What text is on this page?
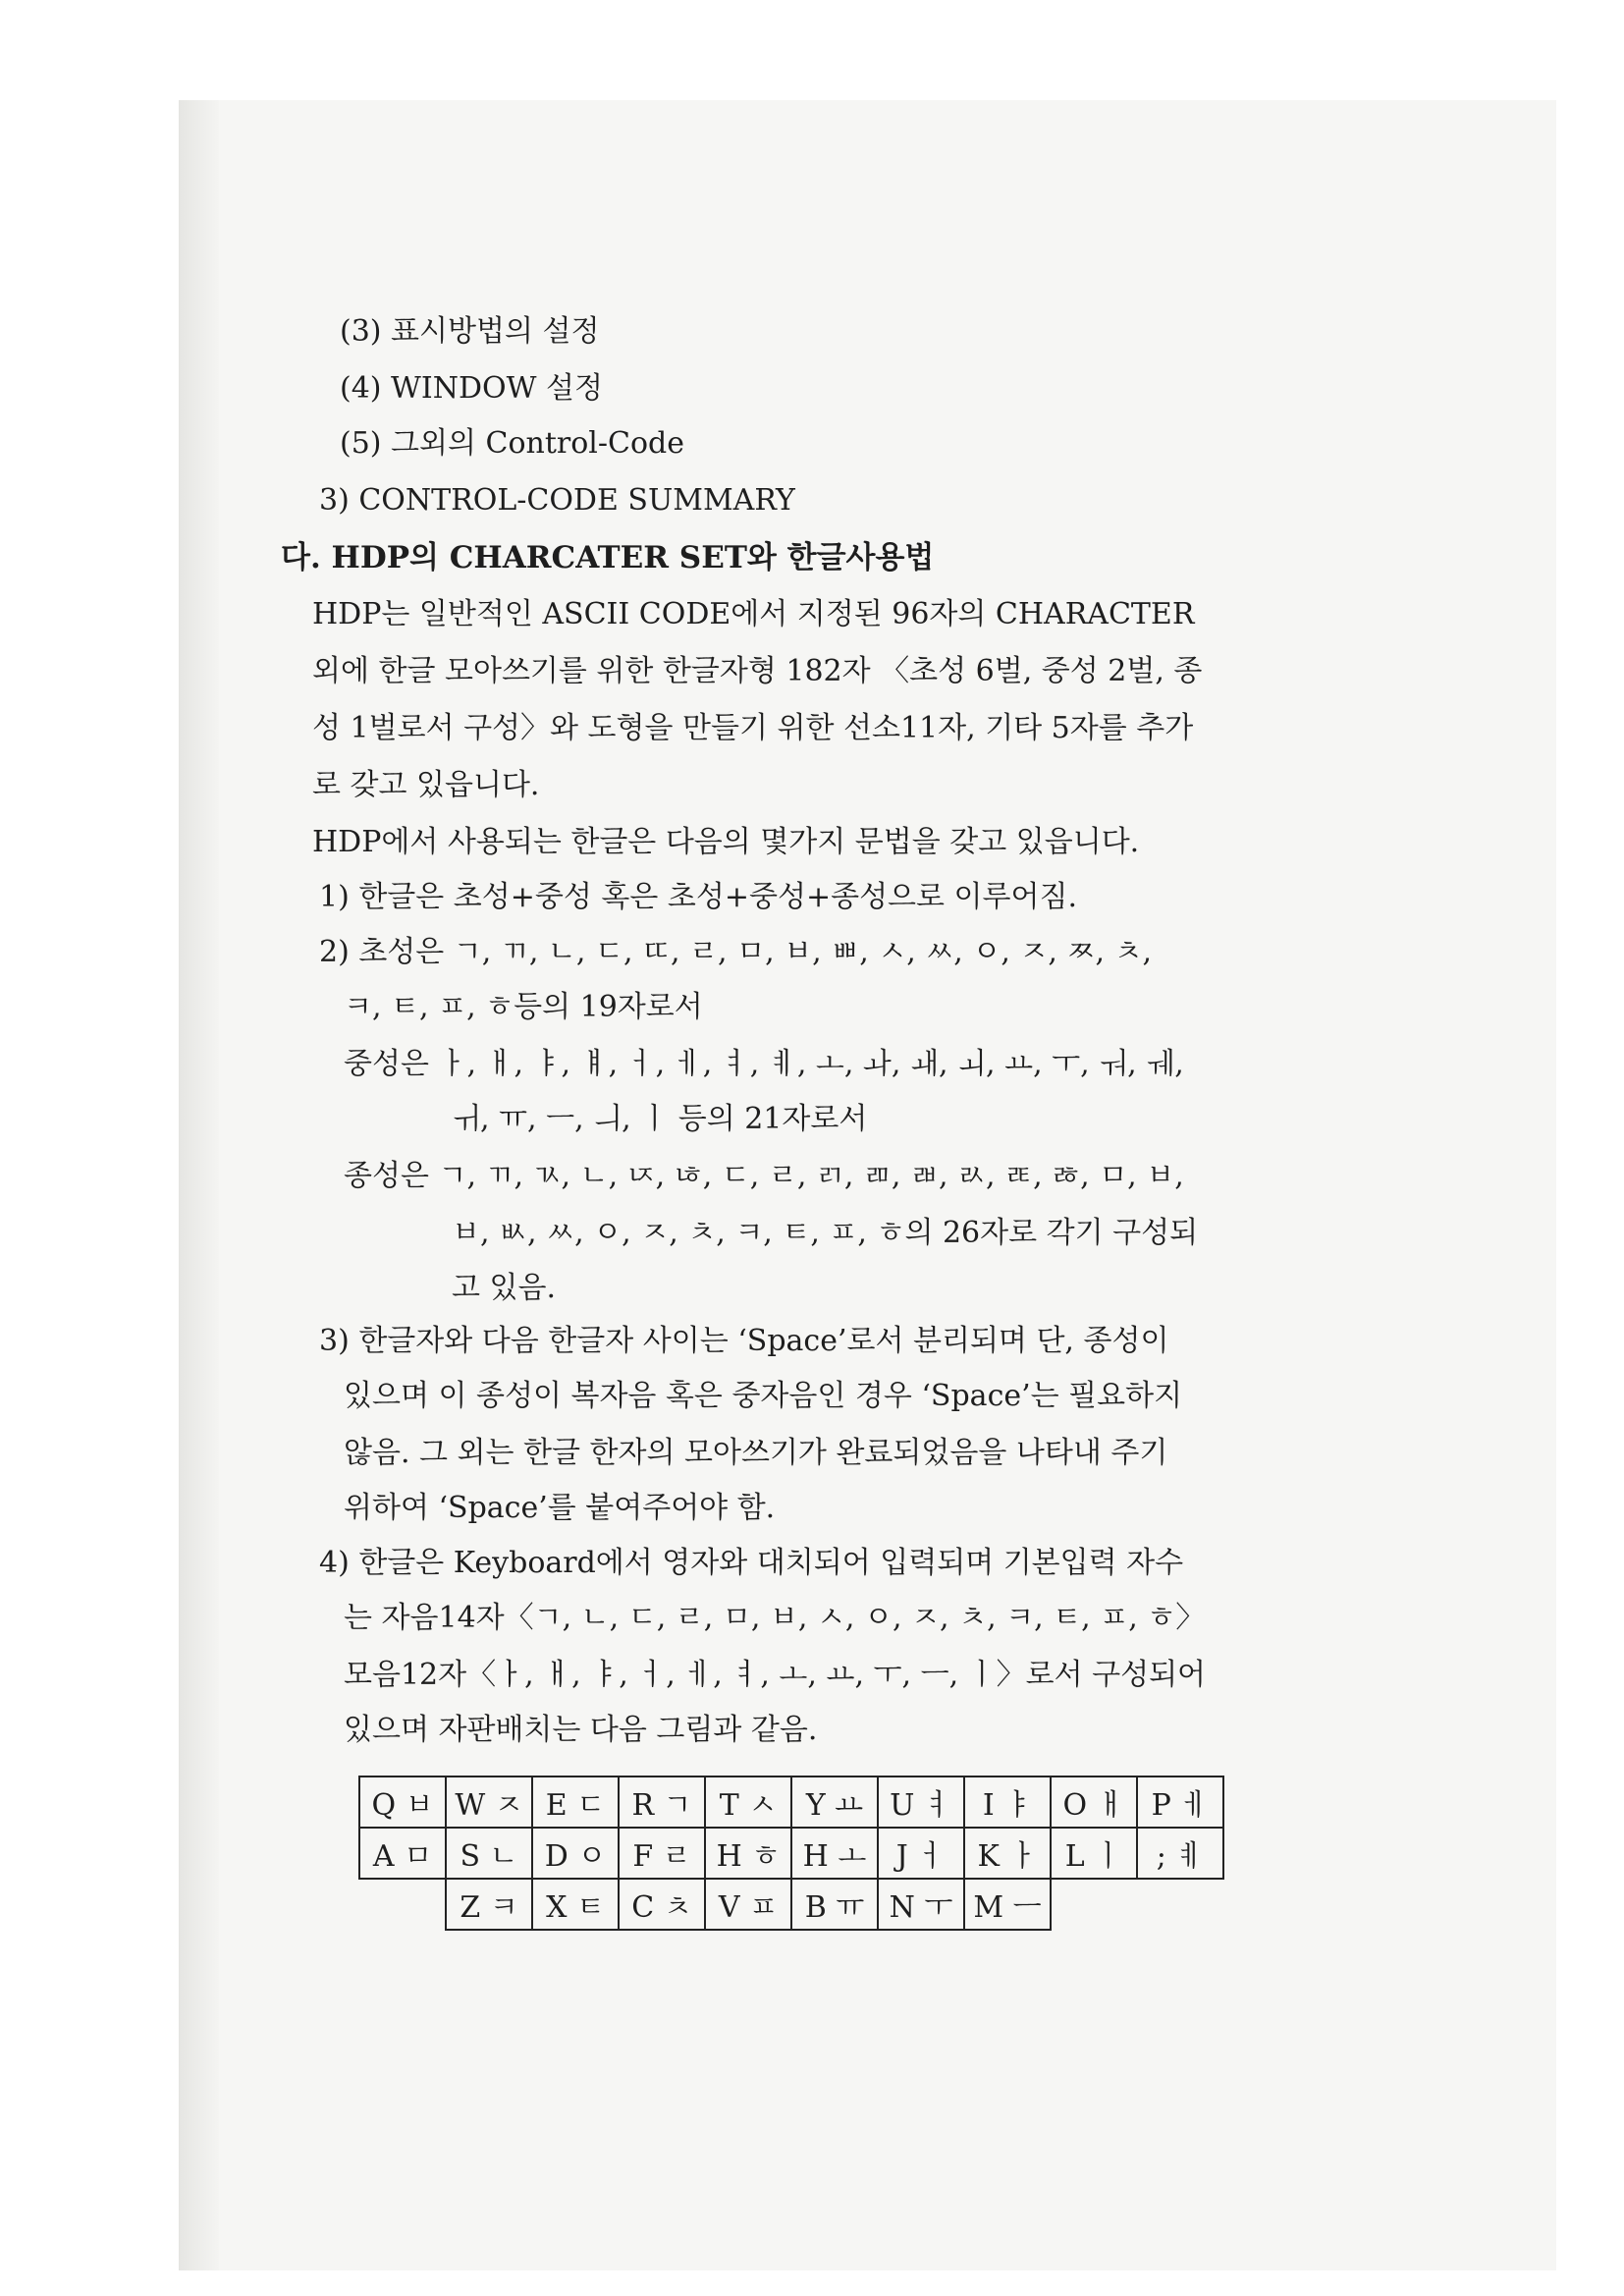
(3) 표시방법의 설정
(4) WINDOW 설정
(5) 그외의 Control-Code
3) CONTROL-CODE SUMMARY
다. HDP의 CHARCATER SET와 한글사용법
HDP는 일반적인 ASCII CODE에서 지정된 96자의 CHARACTER
외에 한글 모아쓰기를 위한 한글자형 182자 〈초성 6벌, 중성 2벌, 종
성 1벌로서 구성〉와 도형을 만들기 위한 선소11자, 기타 5자를 추가
로 갖고 있읍니다.
HDP에서 사용되는 한글은 다음의 몇가지 문법을 갖고 있읍니다.
1) 한글은 초성+중성 혹은 초성+중성+종성으로 이루어짐.
2) 초성은 ㄱ, ㄲ, ㄴ, ㄷ, ㄸ, ㄹ, ㅁ, ㅂ, ㅃ, ㅅ, ㅆ, ㅇ, ㅈ, ㅉ, ㅊ,
ㅋ, ㅌ, ㅍ, ㅎ등의 19자로서
중성은 ㅏ, ㅐ, ㅑ, ㅒ, ㅓ, ㅔ, ㅕ, ㅖ, ㅗ, ㅘ, ㅙ, ㅚ, ㅛ, ㅜ, ㅝ, ㅞ,
ㅟ, ㅠ, ㅡ, ㅢ, ㅣ 등의 21자로서
종성은 ㄱ, ㄲ, ㄳ, ㄴ, ㄵ, ㄶ, ㄷ, ㄹ, ㄺ, ㄻ, ㄼ, ㄽ, ㄾ, ㅀ, ㅁ, ㅂ,
ㅂ, ㅄ, ㅆ, ㅇ, ㅈ, ㅊ, ㅋ, ㅌ, ㅍ, ㅎ의 26자로 각기 구성되
고 있음.
3) 한글자와 다음 한글자 사이는 ‘Space’로서 분리되며 단, 종성이
있으며 이 종성이 복자음 혹은 중자음인 경우 ‘Space’는 필요하지
않음. 그 외는 한글 한자의 모아쓰기가 완료되었음을 나타내 주기
위하여 ‘Space’를 붙여주어야 함.
4) 한글은 Keyboard에서 영자와 대치되어 입력되며 기본입력 자수
는 자음14자〈ㄱ, ㄴ, ㄷ, ㄹ, ㅁ, ㅂ, ㅅ, ㅇ, ㅈ, ㅊ, ㅋ, ㅌ, ㅍ, ㅎ〉
모음12자〈ㅏ, ㅐ, ㅑ, ㅓ, ㅔ, ㅕ, ㅗ, ㅛ, ㅜ, ㅡ, ㅣ〉로서 구성되어
있으며 자판배치는 다음 그림과 같음.
Q ㅂ	W ㅈ	E ㄷ	R ㄱ	T ㅅ	Y ㅛ	U ㅕ	I ㅑ	O ㅐ	P ㅔ
A ㅁ	S ㄴ	D ㅇ	F ㄹ	H ㅎ	H ㅗ	J ㅓ	K ㅏ	L ㅣ	; ㅖ
	Z ㅋ	X ㅌ	C ㅊ	V ㅍ	B ㅠ	N ㅜ	M ㅡ		
